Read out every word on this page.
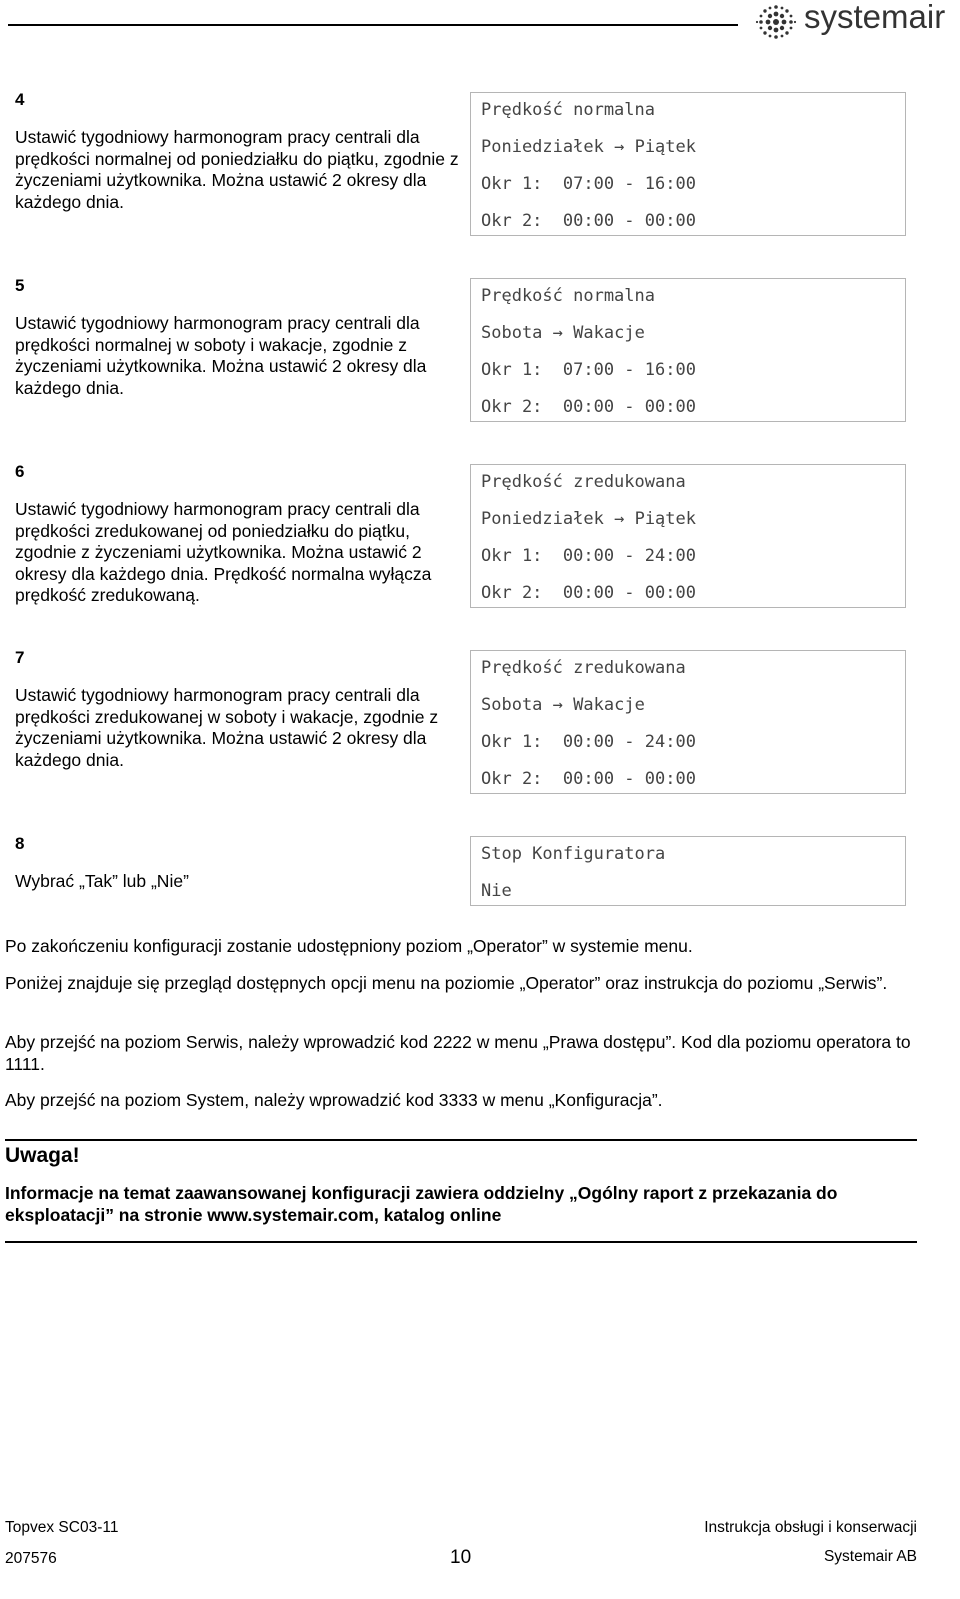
systemair
4
Ustawić tygodniowy harmonogram pracy centrali dla prędkości normalnej od poniedziałku do piątku, zgodnie z życzeniami użytkownika. Można ustawić 2 okresy dla każdego dnia.
Prędkość normalna
Poniedziałek → Piątek
Okr 1:  07:00 - 16:00
Okr 2:  00:00 - 00:00
5
Ustawić tygodniowy harmonogram pracy centrali dla prędkości normalnej w soboty i wakacje, zgodnie z życzeniami użytkownika. Można ustawić 2 okresy dla każdego dnia.
Prędkość normalna
Sobota → Wakacje
Okr 1:  07:00 - 16:00
Okr 2:  00:00 - 00:00
6
Ustawić tygodniowy harmonogram pracy centrali dla prędkości zredukowanej od poniedziałku do piątku, zgodnie z życzeniami użytkownika. Można ustawić 2 okresy dla każdego dnia. Prędkość normalna wyłącza prędkość zredukowaną.
Prędkość zredukowana
Poniedziałek → Piątek
Okr 1:  00:00 - 24:00
Okr 2:  00:00 - 00:00
7
Ustawić tygodniowy harmonogram pracy centrali dla prędkości zredukowanej w soboty i wakacje, zgodnie z życzeniami użytkownika. Można ustawić 2 okresy dla każdego dnia.
Prędkość zredukowana
Sobota → Wakacje
Okr 1:  00:00 - 24:00
Okr 2:  00:00 - 00:00
8
Wybrać „Tak” lub „Nie”
Stop Konfiguratora
Nie
Po zakończeniu konfiguracji zostanie udostępniony poziom „Operator” w systemie menu.
Poniżej znajduje się przegląd dostępnych opcji menu na poziomie „Operator” oraz instrukcja do poziomu „Serwis”.
Aby przejść na poziom Serwis, należy wprowadzić kod 2222 w menu „Prawa dostępu”. Kod dla poziomu operatora to 1111.
Aby przejść na poziom System, należy wprowadzić kod 3333 w menu „Konfiguracja”.
Uwaga!
Informacje na temat zaawansowanej konfiguracji zawiera oddzielny „Ogólny raport z przekazania do eksploatacji” na stronie www.systemair.com, katalog online
Topvex SC03-11
207576	10
Instrukcja obsługi i konserwacji
Systemair AB
